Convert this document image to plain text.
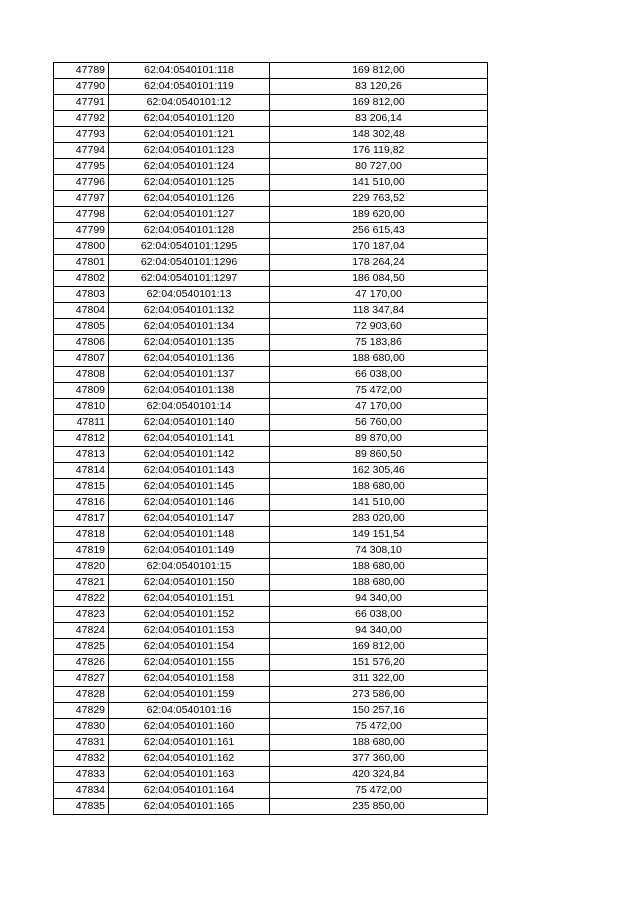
47789	62:04:0540101:118	169 812,00
47790	62:04:0540101:119	83 120,26
47791	62:04:0540101:12	169 812,00
47792	62:04:0540101:120	83 206,14
47793	62:04:0540101:121	148 302,48
47794	62:04:0540101:123	176 119,82
47795	62:04:0540101:124	80 727,00
47796	62:04:0540101:125	141 510,00
47797	62:04:0540101:126	229 763,52
47798	62:04:0540101:127	189 620,00
47799	62:04:0540101:128	256 615,43
47800	62:04:0540101:1295	170 187,04
47801	62:04:0540101:1296	178 264,24
47802	62:04:0540101:1297	186 084,50
47803	62:04:0540101:13	47 170,00
47804	62:04:0540101:132	118 347,84
47805	62:04:0540101:134	72 903,60
47806	62:04:0540101:135	75 183,86
47807	62:04:0540101:136	188 680,00
47808	62:04:0540101:137	66 038,00
47809	62:04:0540101:138	75 472,00
47810	62:04:0540101:14	47 170,00
47811	62:04:0540101:140	56 760,00
47812	62:04:0540101:141	89 870,00
47813	62:04:0540101:142	89 860,50
47814	62:04:0540101:143	162 305,46
47815	62:04:0540101:145	188 680,00
47816	62:04:0540101:146	141 510,00
47817	62:04:0540101:147	283 020,00
47818	62:04:0540101:148	149 151,54
47819	62:04:0540101:149	74 308,10
47820	62:04:0540101:15	188 680,00
47821	62:04:0540101:150	188 680,00
47822	62:04:0540101:151	94 340,00
47823	62:04:0540101:152	66 038,00
47824	62:04:0540101:153	94 340,00
47825	62:04:0540101:154	169 812,00
47826	62:04:0540101:155	151 576,20
47827	62:04:0540101:158	311 322,00
47828	62:04:0540101:159	273 586,00
47829	62:04:0540101:16	150 257,16
47830	62:04:0540101:160	75 472,00
47831	62:04:0540101:161	188 680,00
47832	62:04:0540101:162	377 360,00
47833	62:04:0540101:163	420 324,84
47834	62:04:0540101:164	75 472,00
47835	62:04:0540101:165	235 850,00
